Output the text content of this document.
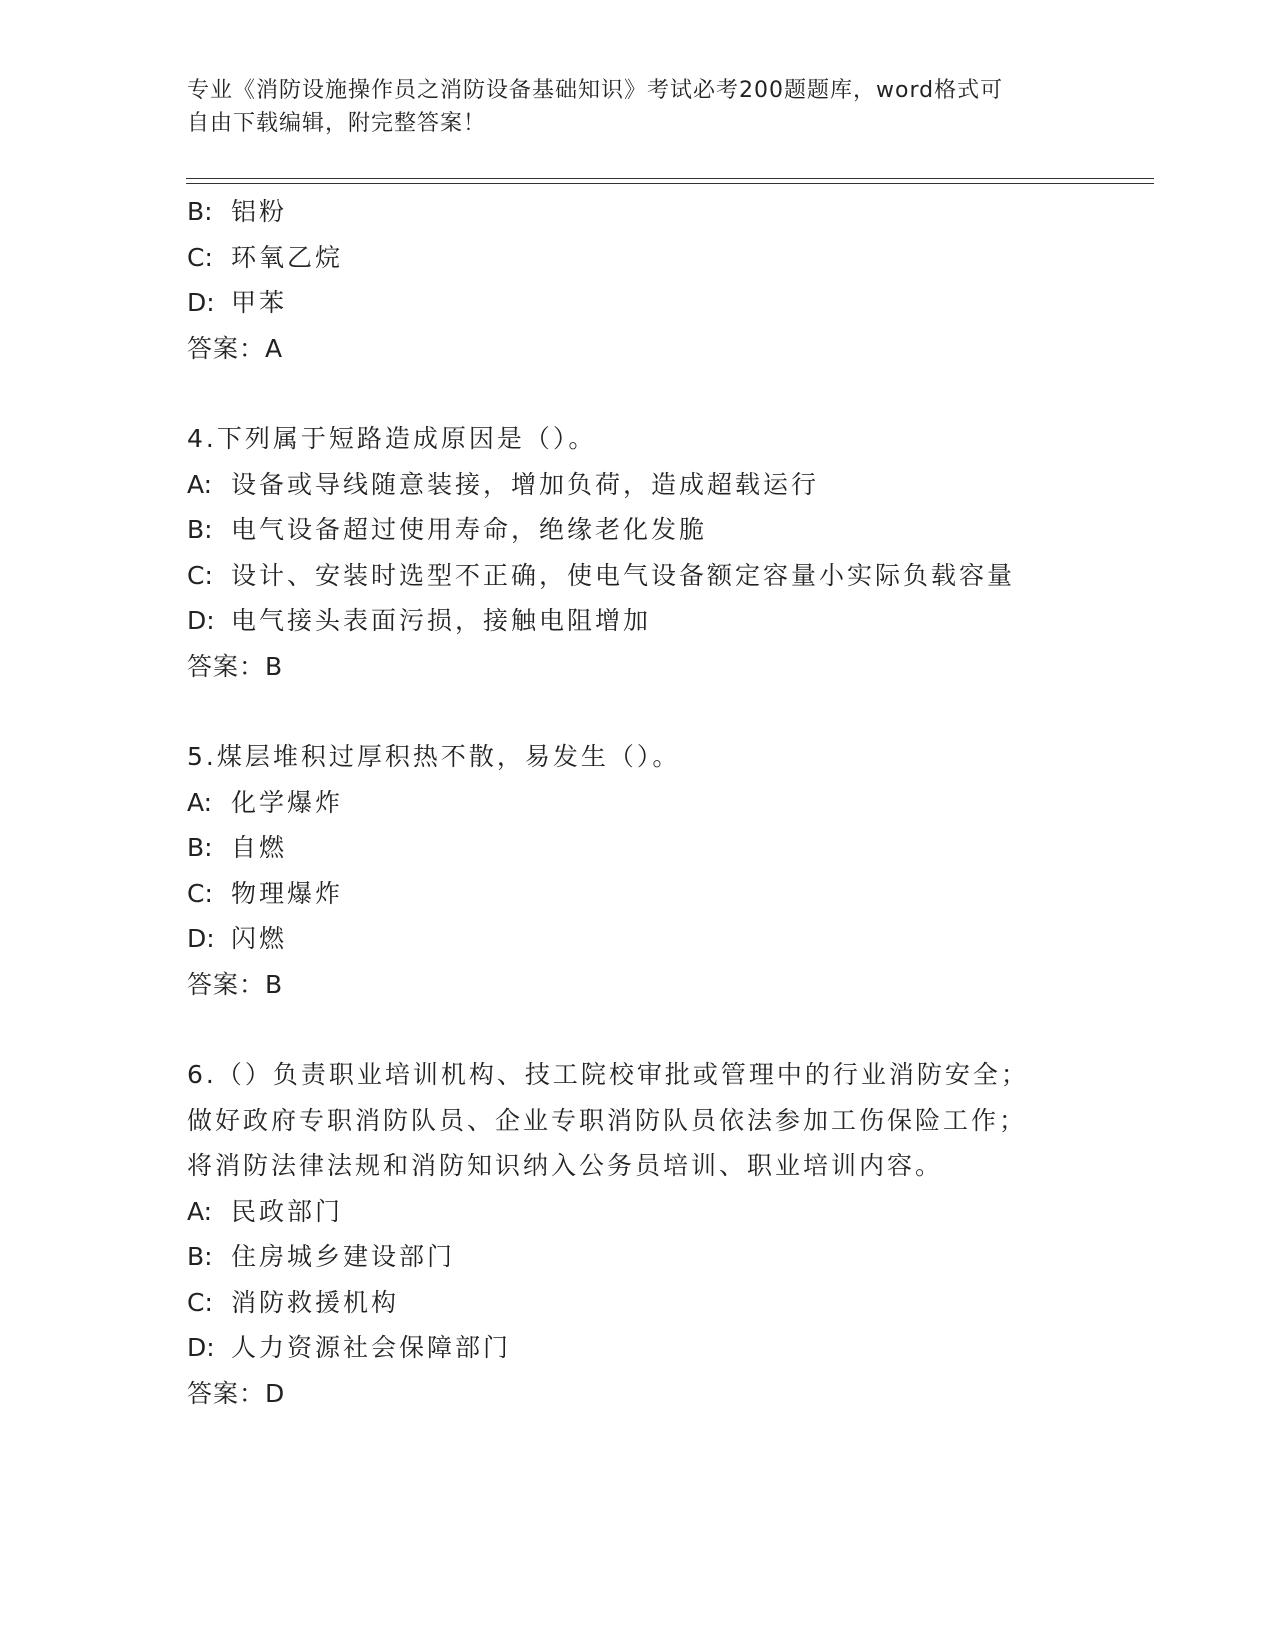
专业《消防设施操作员之消防设备基础知识》考试必考200题题库，word格式可
自由下载编辑，附完整答案！
B: 铝粉
C: 环氧乙烷
D: 甲苯
答案：A
4.下列属于短路造成原因是（）。
A: 设备或导线随意装接，增加负荷，造成超载运行
B: 电气设备超过使用寿命，绝缘老化发脆
C: 设计、安装时选型不正确，使电气设备额定容量小实际负载容量
D: 电气接头表面污损，接触电阻增加
答案：B
5.煤层堆积过厚积热不散，易发生（）。
A: 化学爆炸
B: 自燃
C: 物理爆炸
D: 闪燃
答案：B
6.（）负责职业培训机构、技工院校审批或管理中的行业消防安全；
做好政府专职消防队员、企业专职消防队员依法参加工伤保险工作；
将消防法律法规和消防知识纳入公务员培训、职业培训内容。
A: 民政部门
B: 住房城乡建设部门
C: 消防救援机构
D: 人力资源社会保障部门
答案：D
